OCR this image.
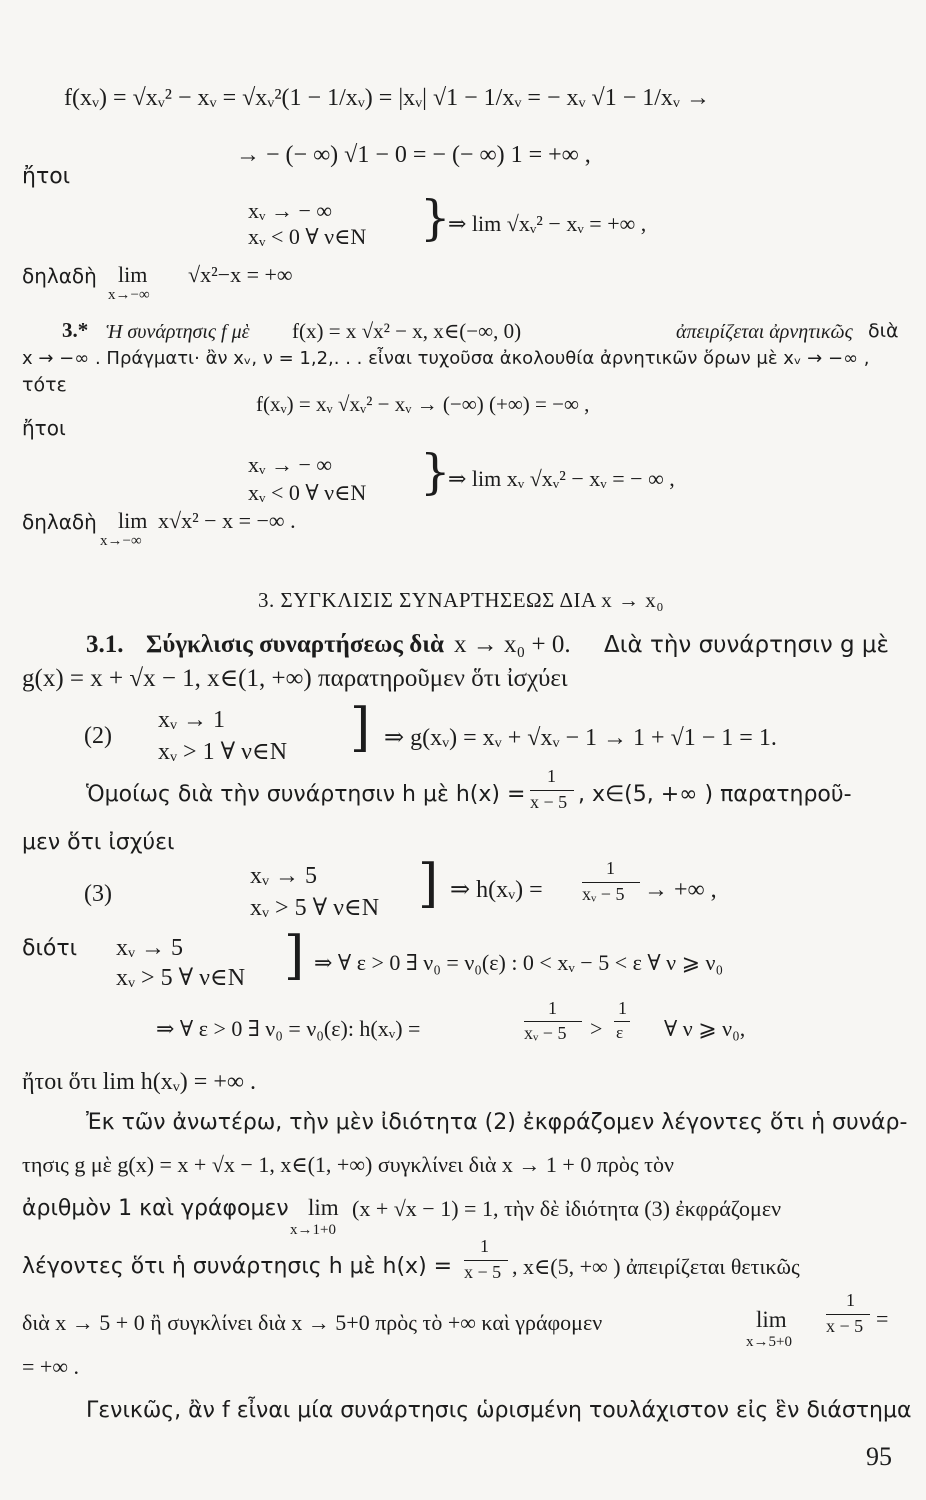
f(xᵥ) = √xᵥ² − xᵥ = √xᵥ²(1 − 1/xᵥ) = |xᵥ| √1 − 1/xᵥ = − xᵥ √1 − 1/xᵥ →
→ − (− ∞) √1 − 0 = − (− ∞) 1 = +∞ ,
ἤτοι
xᵥ → − ∞
xᵥ < 0 ∀ ν∈N }
⇒ lim √xᵥ² − xᵥ = +∞ ,
δηλαδὴ lim
x→−∞
√x²−x = +∞
3.* Ἡ συνάρτησις f μὲ f(x) = x √x² − x, x∈(−∞, 0)	ἀπειρίζεται ἀρνητικῶς διὰ
x → −∞ . Πράγματι· ἂν xᵥ, ν = 1,2,. . . εἶναι τυχοῦσα ἀκολουθία ἀρνητικῶν ὅρων μὲ xᵥ → −∞ ,
τότε
f(xᵥ) = xᵥ √xᵥ² − xᵥ → (−∞) (+∞) = −∞ ,
ἤτοι
xᵥ → − ∞
xᵥ < 0 ∀ ν∈N }
⇒ lim xᵥ √xᵥ² − xᵥ = − ∞ ,
δηλαδὴ lim
x→−∞
x√x² − x = −∞ .
3. ΣΥΓΚΛΙΣΙΣ ΣΥΝΑΡΤΗΣΕΩΣ ΔΙΑ x → x₀
3.1. Σύγκλισις συναρτήσεως διὰ x → x₀ + 0. Διὰ τὴν συνάρτησιν g μὲ
g(x) = x + √x − 1, x∈(1, +∞) παρατηροῦμεν ὅτι ἰσχύει
(2)
xᵥ → 1
xᵥ > 1 ∀ ν∈N ] ⇒ g(xᵥ) = xᵥ + √xᵥ − 1 → 1 + √1 − 1 = 1.
Ὁμοίως διὰ τὴν συνάρτησιν h μὲ h(x) =
1
x − 5 , x∈(5, +∞ ) παρατηροῦ-
μεν ὅτι ἰσχύει
(3)
xᵥ → 5
xᵥ > 5 ∀ ν∈N ] ⇒ h(xᵥ) =
1
xᵥ − 5 → +∞ ,
διότι xᵥ → 5
xᵥ > 5 ∀ ν∈N ] ⇒ ∀ ε > 0 ∃ ν₀ = ν₀(ε) : 0 < xᵥ − 5 < ε ∀ ν ⩾ ν₀
⇒ ∀ ε > 0 ∃ ν₀ = ν₀(ε): h(xᵥ) =
1
xᵥ − 5 >
1
ε ∀ ν ⩾ ν₀,
ἤτοι ὅτι lim h(xᵥ) = +∞ .
Ἐκ τῶν ἀνωτέρω, τὴν μὲν ἰδιότητα (2) ἐκφράζομεν λέγοντες ὅτι ἡ συνάρ-
τησις g μὲ g(x) = x + √x − 1, x∈(1, +∞) συγκλίνει διὰ x → 1 + 0 πρὸς τὸν
ἀριθμὸν 1 καὶ γράφομεν lim
x→1+0
(x + √x − 1) = 1, τὴν δὲ ἰδιότητα (3) ἐκφράζομεν
λέγοντες ὅτι ἡ συνάρτησις h μὲ h(x) =
1
x − 5 , x∈(5, +∞ ) ἀπειρίζεται θετικῶς
διὰ x → 5 + 0 ἢ συγκλίνει διὰ x → 5+0 πρὸς τὸ +∞ καὶ γράφομεν	lim
x→5+0
1
x − 5 =
= +∞ .
Γενικῶς, ἂν f εἶναι μία συνάρτησις ὡρισμένη τουλάχιστον εἰς ἓν διάστημα
95
